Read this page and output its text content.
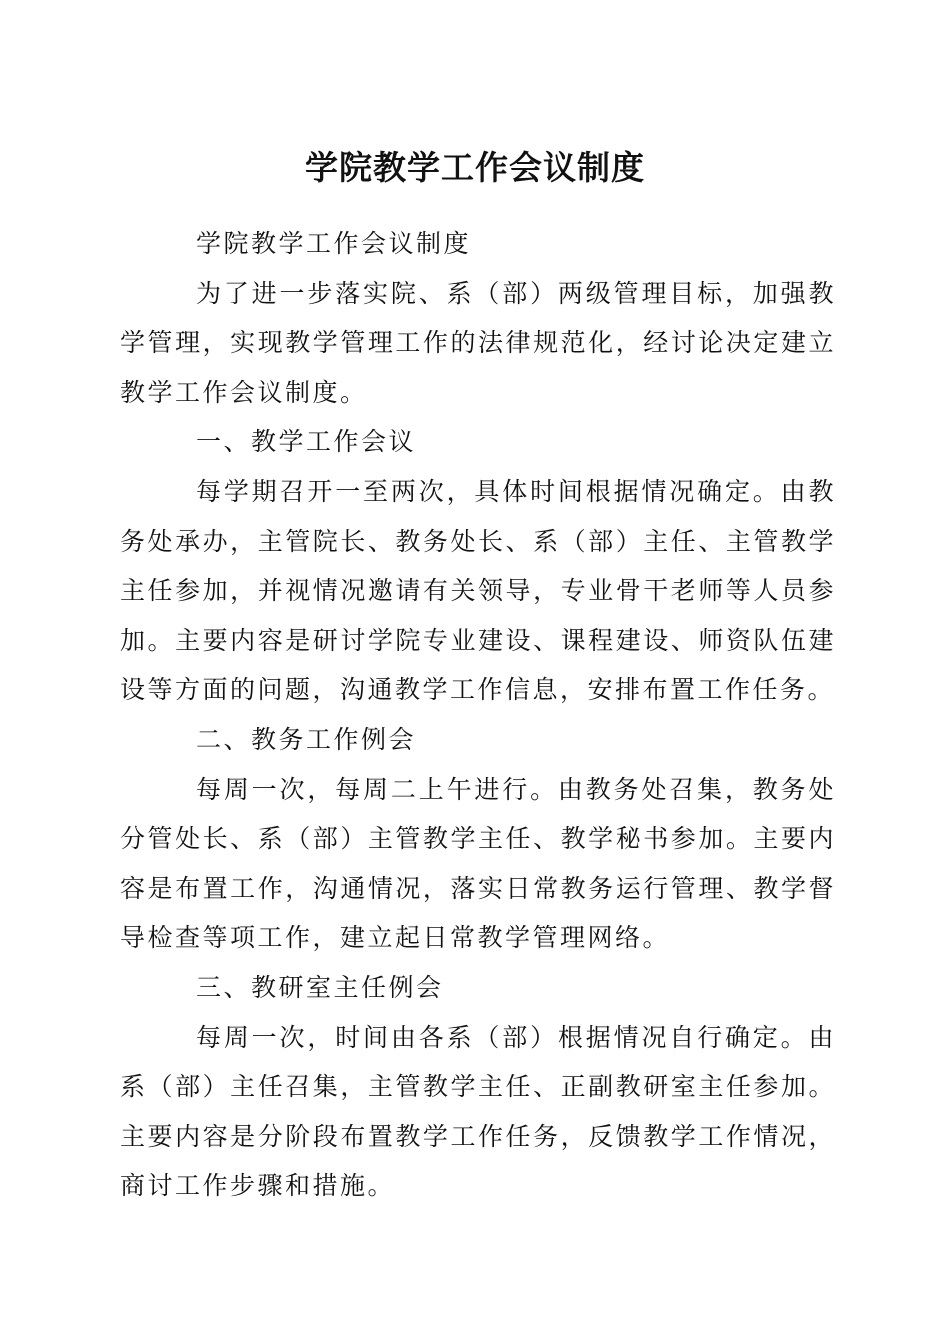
学院教学工作会议制度

学院教学工作会议制度

为了进一步落实院、系（部）两级管理目标，加强教学管理，实现教学管理工作的法律规范化，经讨论决定建立教学工作会议制度。

一、教学工作会议

每学期召开一至两次，具体时间根据情况确定。由教务处承办，主管院长、教务处长、系（部）主任、主管教学主任参加，并视情况邀请有关领导，专业骨干老师等人员参加。主要内容是研讨学院专业建设、课程建设、师资队伍建设等方面的问题，沟通教学工作信息，安排布置工作任务。

二、教务工作例会

每周一次，每周二上午进行。由教务处召集，教务处分管处长、系（部）主管教学主任、教学秘书参加。主要内容是布置工作，沟通情况，落实日常教务运行管理、教学督导检查等项工作，建立起日常教学管理网络。

三、教研室主任例会

每周一次，时间由各系（部）根据情况自行确定。由系（部）主任召集，主管教学主任、正副教研室主任参加。主要内容是分阶段布置教学工作任务，反馈教学工作情况，商讨工作步骤和措施。
